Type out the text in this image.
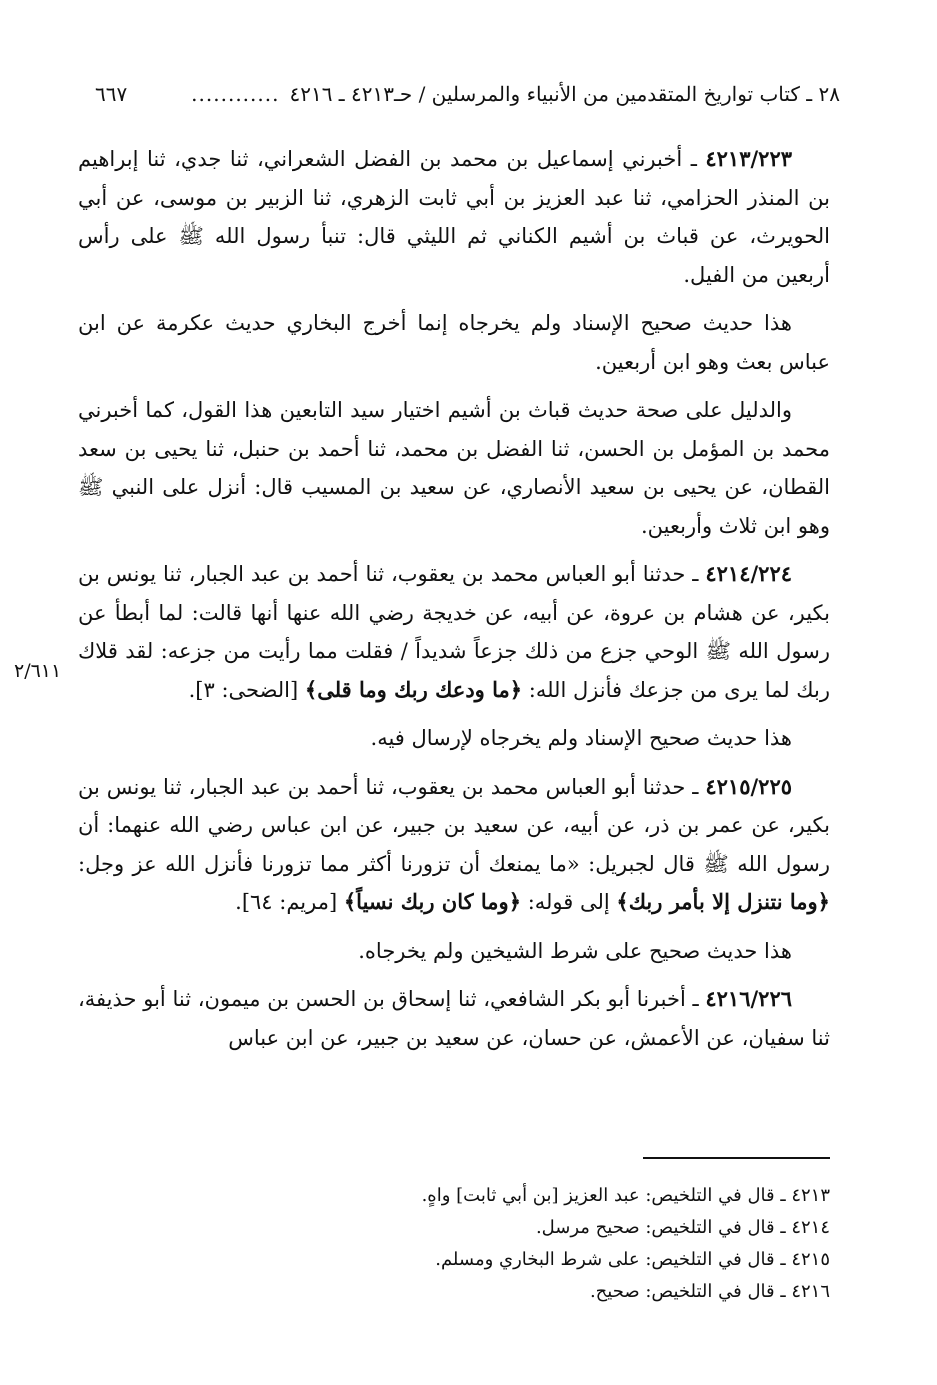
٢٨ ـ كتاب تواريخ المتقدمين من الأنبياء والمرسلين / حـ٤٢١٣ ـ ٤٢١٦
............
٦٦٧

٤٢١٣/٢٢٣ ـ أخبرني إسماعيل بن محمد بن الفضل الشعراني، ثنا جدي، ثنا إبراهيم بن المنذر الحزامي، ثنا عبد العزيز بن أبي ثابت الزهري، ثنا الزبير بن موسى، عن أبي الحويرث، عن قباث بن أشيم الكناني ثم الليثي قال: تنبأ رسول الله ﷺ على رأس أربعين من الفيل.

هذا حديث صحيح الإسناد ولم يخرجاه إنما أخرج البخاري حديث عكرمة عن ابن عباس بعث وهو ابن أربعين.

والدليل على صحة حديث قباث بن أشيم اختيار سيد التابعين هذا القول، كما أخبرني محمد بن المؤمل بن الحسن، ثنا الفضل بن محمد، ثنا أحمد بن حنبل، ثنا يحيى بن سعد القطان، عن يحيى بن سعيد الأنصاري، عن سعيد بن المسيب قال: أنزل على النبي ﷺ وهو ابن ثلاث وأربعين.

٤٢١٤/٢٢٤ ـ حدثنا أبو العباس محمد بن يعقوب، ثنا أحمد بن عبد الجبار، ثنا يونس بن بكير، عن هشام بن عروة، عن أبيه، عن خديجة رضي الله عنها أنها قالت: لما أبطأ عن رسول الله ﷺ الوحي جزع من ذلك جزعاً شديداً / فقلت مما رأيت من جزعه: لقد قلاك ربك لما يرى من جزعك فأنزل الله: ﴿ما ودعك ربك وما قلى﴾ [الضحى: ٣].

هذا حديث صحيح الإسناد ولم يخرجاه لإرسال فيه.

٤٢١٥/٢٢٥ ـ حدثنا أبو العباس محمد بن يعقوب، ثنا أحمد بن عبد الجبار، ثنا يونس بن بكير، عن عمر بن ذر، عن أبيه، عن سعيد بن جبير، عن ابن عباس رضي الله عنهما: أن رسول الله ﷺ قال لجبريل: «ما يمنعك أن تزورنا أكثر مما تزورنا فأنزل الله عز وجل: ﴿وما نتنزل إلا بأمر ربك﴾ إلى قوله: ﴿وما كان ربك نسياً﴾ [مريم: ٦٤].

هذا حديث صحيح على شرط الشيخين ولم يخرجاه.

٤٢١٦/٢٢٦ ـ أخبرنا أبو بكر الشافعي، ثنا إسحاق بن الحسن بن ميمون، ثنا أبو حذيفة، ثنا سفيان، عن الأعمش، عن حسان، عن سعيد بن جبير، عن ابن عباس

٢/٦١١
٤٢١٣ ـ قال في التلخيص: عبد العزيز [بن أبي ثابت] واهٍ.
٤٢١٤ ـ قال في التلخيص: صحيح مرسل.
٤٢١٥ ـ قال في التلخيص: على شرط البخاري ومسلم.
٤٢١٦ ـ قال في التلخيص: صحيح.
